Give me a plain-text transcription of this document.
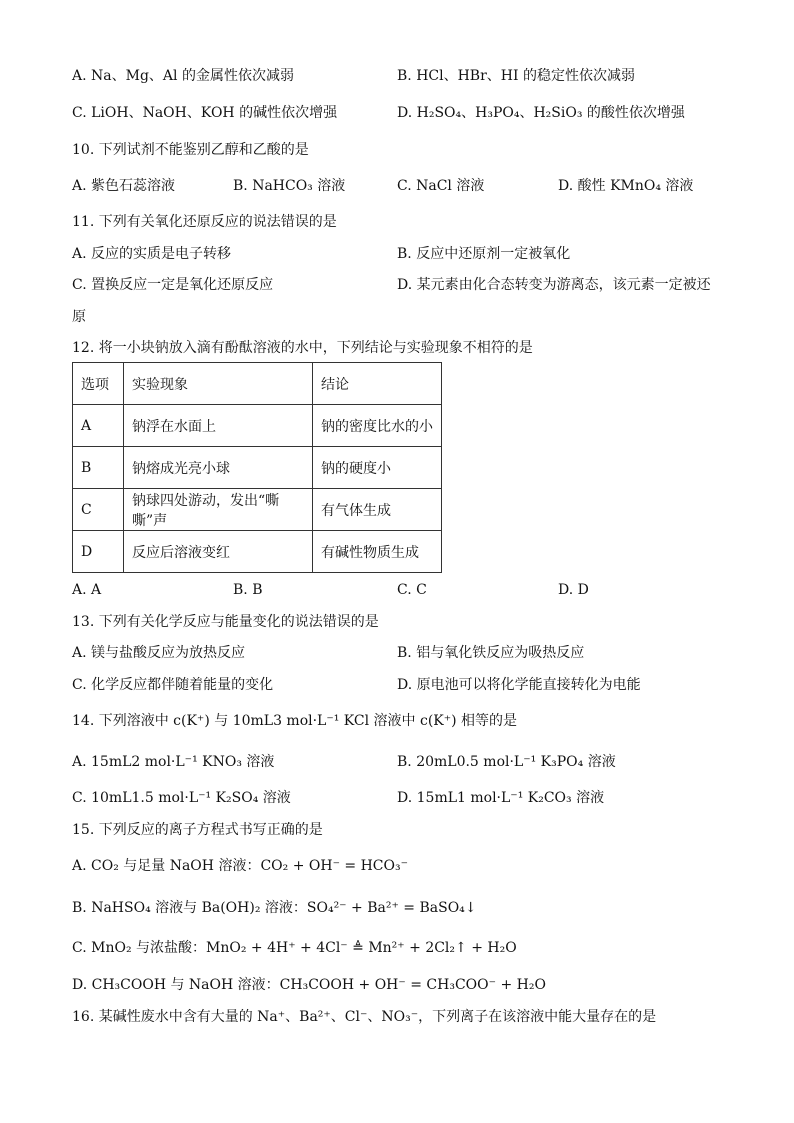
A. Na、Mg、Al 的金属性依次减弱	B. HCl、HBr、HI 的稳定性依次减弱
C. LiOH、NaOH、KOH 的碱性依次增强	D. H₂SO₄、H₃PO₄、H₂SiO₃ 的酸性依次增强
10. 下列试剂不能鉴别乙醇和乙酸的是
A. 紫色石蕊溶液	B. NaHCO₃ 溶液	C. NaCl 溶液	D. 酸性 KMnO₄ 溶液
11. 下列有关氧化还原反应的说法错误的是
A. 反应的实质是电子转移	B. 反应中还原剂一定被氧化
C. 置换反应一定是氧化还原反应	D. 某元素由化合态转变为游离态，该元素一定被还
原
12. 将一小块钠放入滴有酚酞溶液的水中，下列结论与实验现象不相符的是
选项	实验现象	结论
A	钠浮在水面上	钠的密度比水的小
B	钠熔成光亮小球	钠的硬度小
C	钠球四处游动，发出“嘶嘶”声	有气体生成
D	反应后溶液变红	有碱性物质生成
A. A	B. B	C. C	D. D
13. 下列有关化学反应与能量变化的说法错误的是
A. 镁与盐酸反应为放热反应	B. 铝与氧化铁反应为吸热反应
C. 化学反应都伴随着能量的变化	D. 原电池可以将化学能直接转化为电能
14. 下列溶液中 c(K⁺) 与 10mL3 mol·L⁻¹ KCl 溶液中 c(K⁺) 相等的是
A. 15mL2 mol·L⁻¹ KNO₃ 溶液	B. 20mL0.5 mol·L⁻¹ K₃PO₄ 溶液
C. 10mL1.5 mol·L⁻¹ K₂SO₄ 溶液	D. 15mL1 mol·L⁻¹ K₂CO₃ 溶液
15. 下列反应的离子方程式书写正确的是
A. CO₂ 与足量 NaOH 溶液：CO₂ + OH⁻ = HCO₃⁻
B. NaHSO₄ 溶液与 Ba(OH)₂ 溶液：SO₄²⁻ + Ba²⁺ = BaSO₄↓
C. MnO₂ 与浓盐酸：MnO₂ + 4H⁺ + 4Cl⁻ ≜ Mn²⁺ + 2Cl₂↑ + H₂O
D. CH₃COOH 与 NaOH 溶液：CH₃COOH + OH⁻ = CH₃COO⁻ + H₂O
16. 某碱性废水中含有大量的 Na⁺、Ba²⁺、Cl⁻、NO₃⁻，下列离子在该溶液中能大量存在的是
